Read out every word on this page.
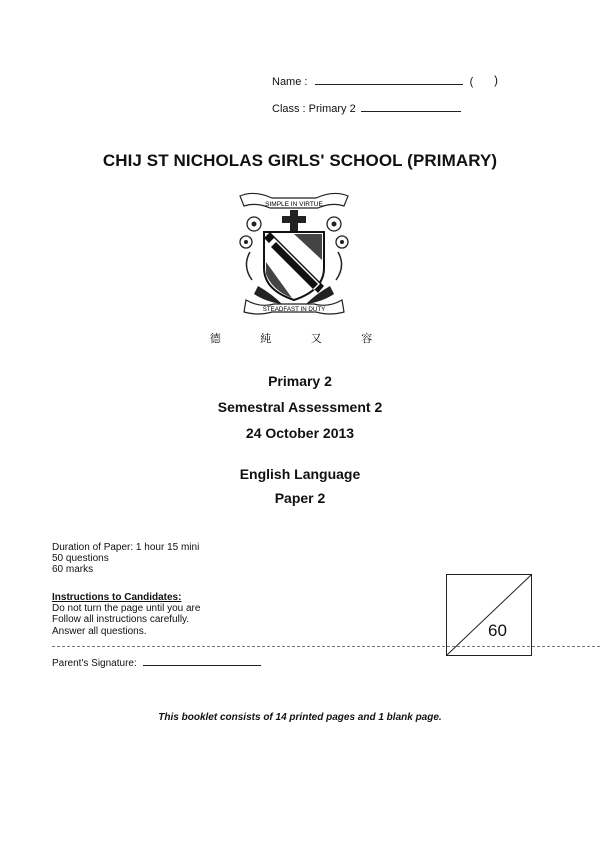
Name :	( )
Class : Primary 2
CHIJ ST NICHOLAS GIRLS' SCHOOL (PRIMARY)
SIMPLE IN VIRTUE
STEADFAST IN DUTY
德 純 又 容
Primary 2
Semestral Assessment 2
24 October 2013
English Language
Paper 2
Duration of Paper: 1 hour 15 mini
50 questions
60 marks
Instructions to Candidates:
Do not turn the page until you are
Follow all instructions carefully.
Answer all questions.
Parent's Signature:
60
This booklet consists of 14 printed pages and 1 blank page.
